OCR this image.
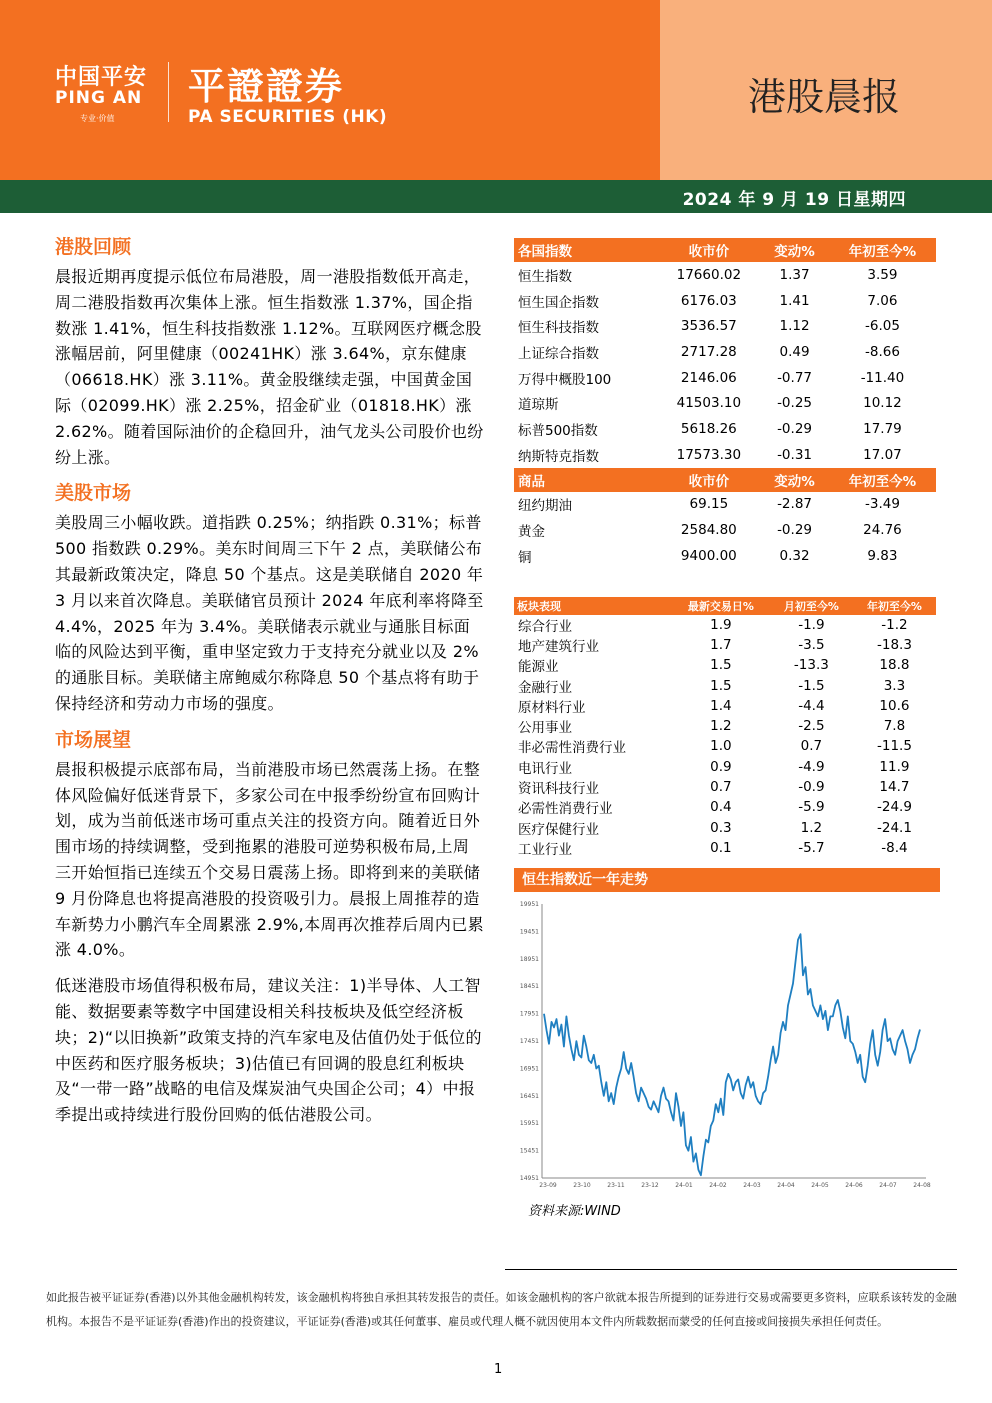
中国平安
PING AN
专业·价值
平證證券
PA SECURITIES (HK)	港股晨报
2024 年 9 月 19 日星期四
港股回顾

晨报近期再度提示低位布局港股，周一港股指数低开高走，周二港股指数再次集体上涨。恒生指数涨 1.37%，国企指数涨 1.41%，恒生科技指数涨 1.12%。互联网医疗概念股涨幅居前，阿里健康（00241HK）涨 3.64%，京东健康（06618.HK）涨 3.11%。黄金股继续走强，中国黄金国际（02099.HK）涨 2.25%，招金矿业（01818.HK）涨 2.62%。随着国际油价的企稳回升，油气龙头公司股价也纷纷上涨。

美股市场

美股周三小幅收跌。道指跌 0.25%；纳指跌 0.31%；标普 500 指数跌 0.29%。美东时间周三下午 2 点，美联储公布其最新政策决定，降息 50 个基点。这是美联储自 2020 年 3 月以来首次降息。美联储官员预计 2024 年底利率将降至 4.4%，2025 年为 3.4%。美联储表示就业与通胀目标面临的风险达到平衡，重申坚定致力于支持充分就业以及 2%的通胀目标。美联储主席鲍威尔称降息 50 个基点将有助于保持经济和劳动力市场的强度。

市场展望

晨报积极提示底部布局，当前港股市场已然震荡上扬。在整体风险偏好低迷背景下，多家公司在中报季纷纷宣布回购计划，成为当前低迷市场可重点关注的投资方向。随着近日外围市场的持续调整，受到拖累的港股可逆势积极布局,上周三开始恒指已连续五个交易日震荡上扬。即将到来的美联储 9 月份降息也将提高港股的投资吸引力。晨报上周推荐的造车新势力小鹏汽车全周累涨 2.9%,本周再次推荐后周内已累涨 4.0%。

低迷港股市场值得积极布局，建议关注：1)半导体、人工智能、数据要素等数字中国建设相关科技板块及低空经济板块；2)“以旧换新”政策支持的汽车家电及估值仍处于低位的中医药和医疗服务板块；3)估值已有回调的股息红利板块及“一带一路”战略的电信及煤炭油气央国企公司；4）中报季提出或持续进行股份回购的低估港股公司。

各国指数	收市价	变动%	年初至今%
恒生指数	17660.02	1.37	3.59
恒生国企指数	6176.03	1.41	7.06
恒生科技指数	3536.57	1.12	-6.05
上证综合指数	2717.28	0.49	-8.66
万得中概股100	2146.06	-0.77	-11.40
道琼斯	41503.10	-0.25	10.12
标普500指数	5618.26	-0.29	17.79
纳斯特克指数	17573.30	-0.31	17.07
商品	收市价	变动%	年初至今%
纽约期油	69.15	-2.87	-3.49
黄金	2584.80	-0.29	24.76
铜	9400.00	0.32	9.83
板块表现	最新交易日%	月初至今%	年初至今%
综合行业	1.9	-1.9	-1.2
地产建筑行业	1.7	-3.5	-18.3
能源业	1.5	-13.3	18.8
金融行业	1.5	-1.5	3.3
原材料行业	1.4	-4.4	10.6
公用事业	1.2	-2.5	7.8
非必需性消费行业	1.0	0.7	-11.5
电讯行业	0.9	-4.9	11.9
资讯科技行业	0.7	-0.9	14.7
必需性消费行业	0.4	-5.9	-24.9
医疗保健行业	0.3	1.2	-24.1
工业行业	0.1	-5.7	-8.4
恒生指数近一年走势
19951
19451
18951
18451
17951
17451
16951
16451
15951
15451
14951
23-09	23-10	23-11	23-12	24-01	24-02	24-03	24-04	24-05	24-06	24-07	24-08
资料来源:WIND
如此报告被平证证券(香港)以外其他金融机构转发，该金融机构将独自承担其转发报告的责任。如该金融机构的客户欲就本报告所提到的证券进行交易或需要更多资料，应联系该转发的金融机构。本报告不是平证证券(香港)作出的投资建议，平证证券(香港)或其任何董事、雇员或代理人概不就因使用本文件内所载数据而蒙受的任何直接或间接损失承担任何责任。
1
